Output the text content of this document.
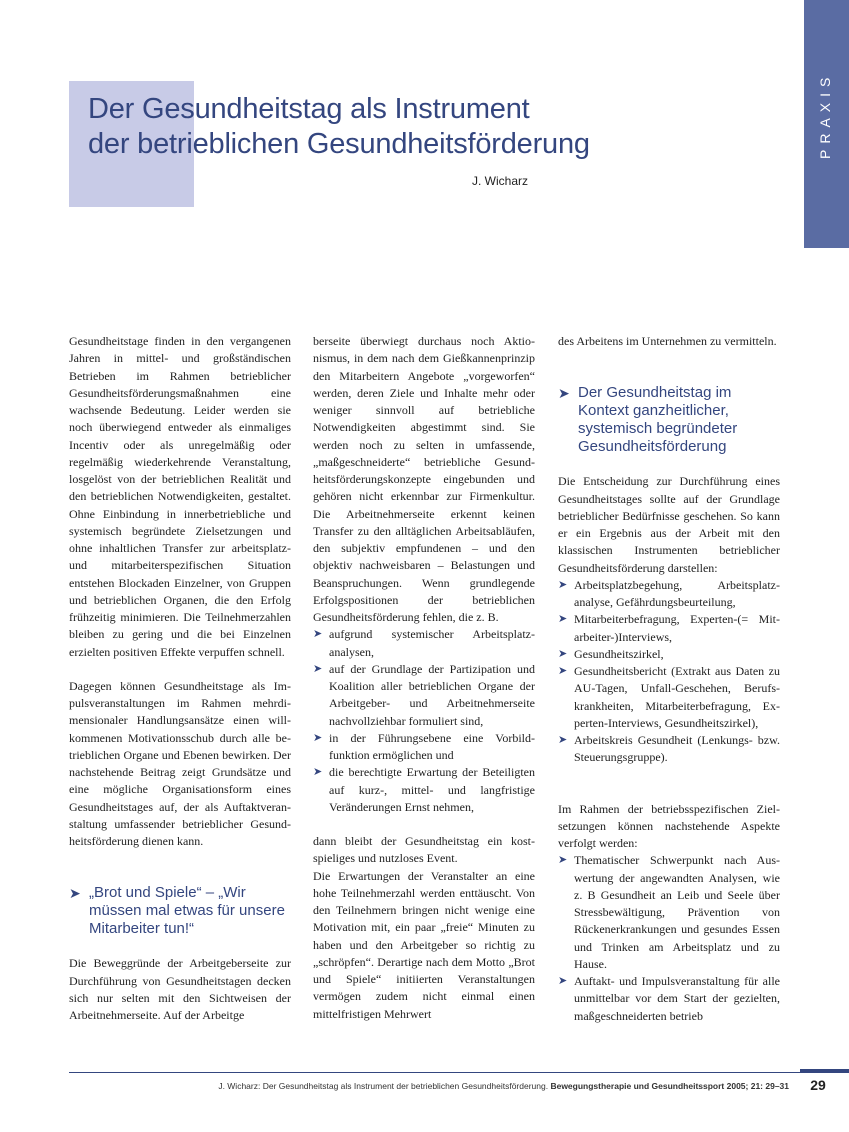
PRAXIS
Der Gesundheitstag als Instrument
der betrieblichen Gesundheitsförderung
J. Wicharz

Gesundheitstage finden in den vergangenen Jahren in mittel- und großständischen Betrieben im Rahmen betrieblicher Gesundheitsförderungsmaßnahmen eine wachsende Bedeutung. Leider werden sie noch überwiegend entweder als einmaliges Incentiv oder als unregelmäßig oder regelmäßig wiederkehrende Veranstaltung, losgelöst von der betrieblichen Realität und den betrieblichen Notwendigkeiten, gestaltet. Ohne Einbindung in innerbetriebliche und systemisch begründete Zielsetzungen und ohne inhaltlichen Transfer zur arbeitsplatz- und mitarbeiterspezifischen Situation entstehen Blockaden Einzelner, von Gruppen und betrieblichen Organen, die den Erfolg frühzeitig minimieren. Die Teilnehmerzahlen bleiben zu gering und die bei Einzelnen erzielten positiven Effekte verpuffen schnell.

Dagegen können Gesundheitstage als Impulsveranstaltungen im Rahmen mehrdimensionaler Handlungsansätze einen willkommenen Motivationsschub durch alle betrieblichen Organe und Ebenen bewirken. Der nachstehende Beitrag zeigt Grundsätze und eine mögliche Organisationsform eines Gesundheitstages auf, der als Auftaktveranstaltung umfassender betrieblicher Gesundheitsförderung dienen kann.

➤ „Brot und Spiele“ – „Wir müssen mal etwas für unsere Mitarbeiter tun!“

Die Beweggründe der Arbeitgeberseite zur Durchführung von Gesundheitstagen decken sich nur selten mit den Sichtweisen der Arbeitnehmerseite. Auf der Arbeitge

berseite überwiegt durchaus noch Aktionismus, in dem nach dem Gießkannenprinzip den Mitarbeitern Angebote „vorgeworfen“ werden, deren Ziele und Inhalte mehr oder weniger sinnvoll auf betriebliche Notwendigkeiten abgestimmt sind. Sie werden noch zu selten in umfassende, „maßgeschneiderte“ betriebliche Gesundheitsförderungskonzepte eingebunden und gehören nicht erkennbar zur Firmenkultur. Die Arbeitnehmerseite erkennt keinen Transfer zu den alltäglichen Arbeitsabläufen, den subjektiv empfundenen – und den objektiv nachweisbaren – Belastungen und Beanspruchungen. Wenn grundlegende Erfolgspositionen der betrieblichen Gesundheitsförderung fehlen, die z. B.

➤ aufgrund systemischer Arbeitsplatzanalysen,
➤ auf der Grundlage der Partizipation und Koalition aller betrieblichen Organe der Arbeitgeber- und Arbeitnehmerseite nachvollziehbar formuliert sind,
➤ in der Führungsebene eine Vorbildfunktion ermöglichen und
➤ die berechtigte Erwartung der Beteiligten auf kurz-, mittel- und langfristige Veränderungen Ernst nehmen,

dann bleibt der Gesundheitstag ein kostspieliges und nutzloses Event.

Die Erwartungen der Veranstalter an eine hohe Teilnehmerzahl werden enttäuscht. Von den Teilnehmern bringen nicht wenige eine Motivation mit, ein paar „freie“ Minuten zu haben und den Arbeitgeber so richtig zu „schröpfen“. Derartige nach dem Motto „Brot und Spiele“ initiierten Veranstaltungen vermögen zudem nicht einmal einen mittelfristigen Mehrwert

des Arbeitens im Unternehmen zu vermitteln.

➤ Der Gesundheitstag im Kontext ganzheitlicher, systemisch begründeter Gesundheitsförderung

Die Entscheidung zur Durchführung eines Gesundheitstages sollte auf der Grundlage betrieblicher Bedürfnisse geschehen. So kann er ein Ergebnis aus der Arbeit mit den klassischen Instrumenten betrieblicher Gesundheitsförderung darstellen:

➤ Arbeitsplatzbegehung, Arbeitsplatzanalyse, Gefährdungsbeurteilung,
➤ Mitarbeiterbefragung, Experten-(= Mitarbeiter-)Interviews,
➤ Gesundheitszirkel,
➤ Gesundheitsbericht (Extrakt aus Daten zu AU-Tagen, Unfall-Geschehen, Berufskrankheiten, Mitarbeiterbefragung, Experten-Interviews, Gesundheitszirkel),
➤ Arbeitskreis Gesundheit (Lenkungs- bzw. Steuerungsgruppe).

Im Rahmen der betriebsspezifischen Zielsetzungen können nachstehende Aspekte verfolgt werden:

➤ Thematischer Schwerpunkt nach Auswertung der angewandten Analysen, wie z. B Gesundheit an Leib und Seele über Stressbewältigung, Prävention von Rückenerkrankungen und gesundes Essen und Trinken am Arbeitsplatz und zu Hause.
➤ Auftakt- und Impulsveranstaltung für alle unmittelbar vor dem Start der gezielten, maßgeschneiderten betrieb
J. Wicharz: Der Gesundheitstag als Instrument der betrieblichen Gesundheitsförderung. Bewegungstherapie und Gesundheitssport 2005; 21: 29–31	29
